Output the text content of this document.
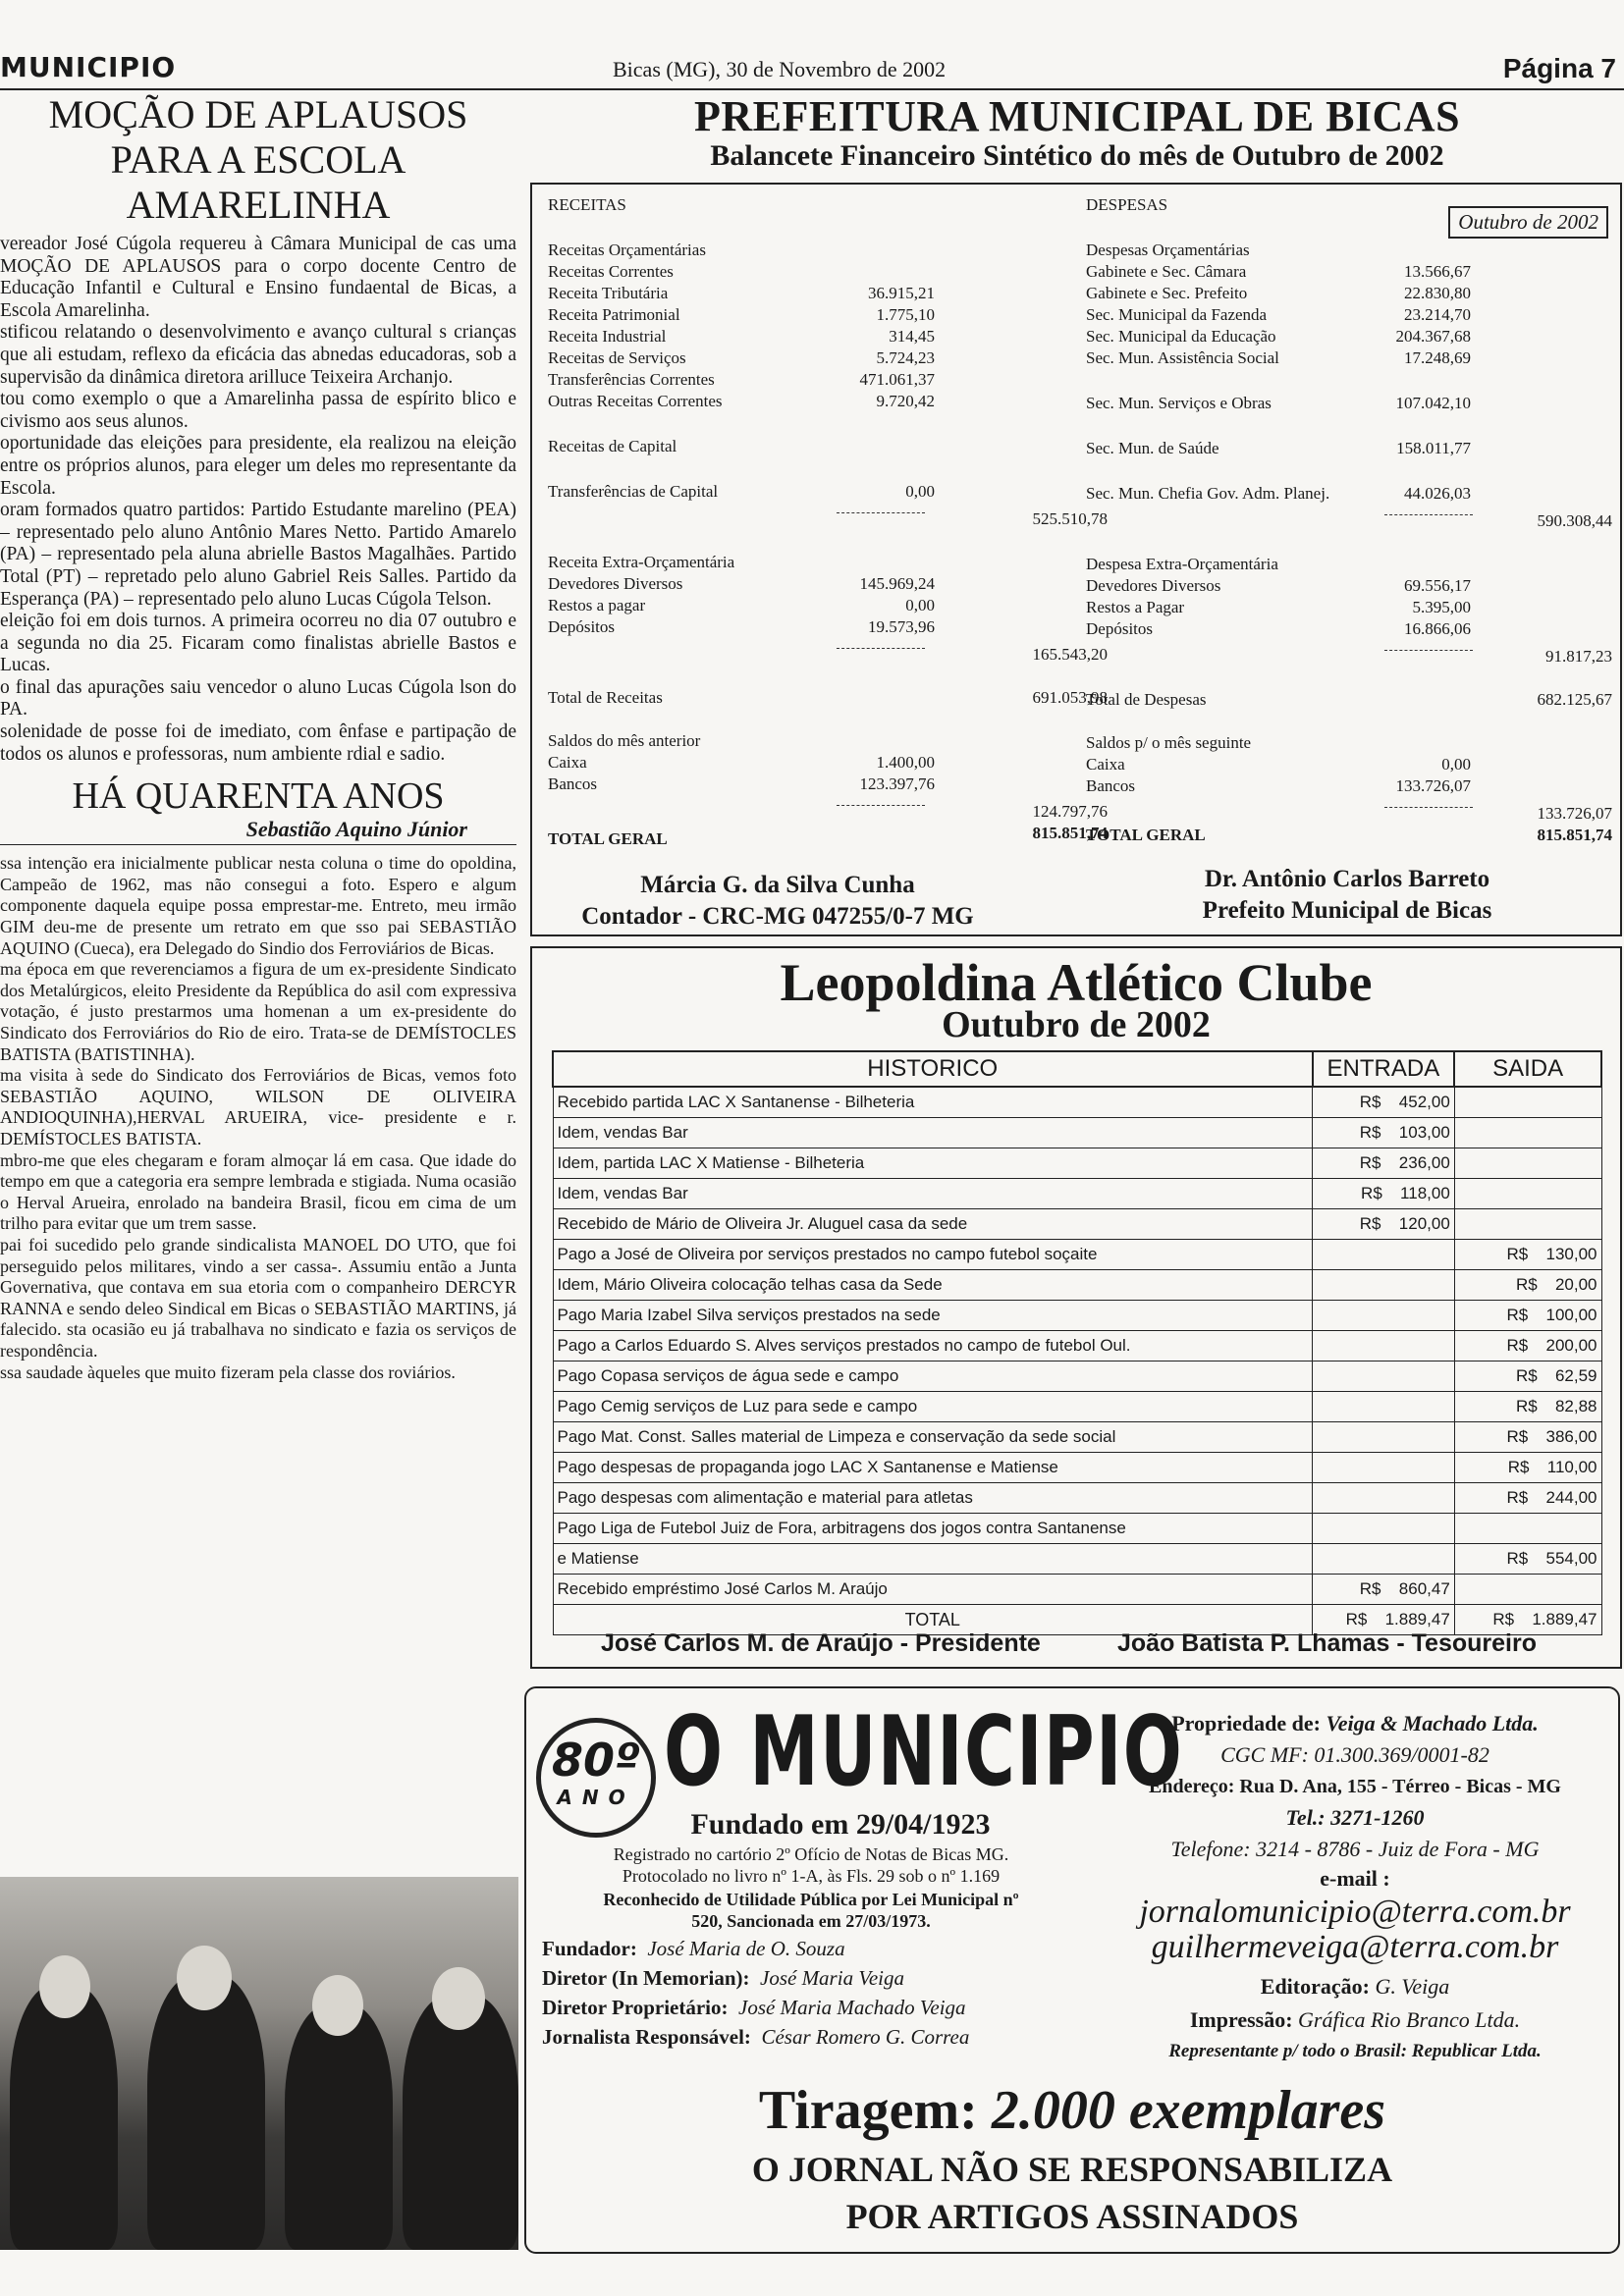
MUNICIPIO	Bicas (MG), 30 de Novembro de 2002	Página 7
MOÇÃO DE APLAUSOS PARA A ESCOLA AMARELINHA

vereador José Cúgola requereu à Câmara Municipal de cas uma MOÇÃO DE APLAUSOS para o corpo docente Centro de Educação Infantil e Cultural e Ensino fundaental de Bicas, a Escola Amarelinha.

stificou relatando o desenvolvimento e avanço cultural s crianças que ali estudam, reflexo da eficácia das abnedas educadoras, sob a supervisão da dinâmica diretora arilluce Teixeira Archanjo.

tou como exemplo o que a Amarelinha passa de espírito blico e civismo aos seus alunos.

oportunidade das eleições para presidente, ela realizou na eleição entre os próprios alunos, para eleger um deles mo representante da Escola.

oram formados quatro partidos: Partido Estudante marelino (PEA) – representado pelo aluno Antônio Mares Netto. Partido Amarelo (PA) – representado pela aluna abrielle Bastos Magalhães. Partido Total (PT) – repretado pelo aluno Gabriel Reis Salles. Partido da Esperança (PA) – representado pelo aluno Lucas Cúgola Telson.

eleição foi em dois turnos. A primeira ocorreu no dia 07 outubro e a segunda no dia 25. Ficaram como finalistas abrielle Bastos e Lucas.

o final das apurações saiu vencedor o aluno Lucas Cúgola lson do PA.

solenidade de posse foi de imediato, com ênfase e partipação de todos os alunos e professoras, num ambiente rdial e sadio.

HÁ QUARENTA ANOS
Sebastião Aquino Júnior

ssa intenção era inicialmente publicar nesta coluna o time do opoldina, Campeão de 1962, mas não consegui a foto. Espero e algum componente daquela equipe possa emprestar-me. Entreto, meu irmão GIM deu-me de presente um retrato em que sso pai SEBASTIÃO AQUINO (Cueca), era Delegado do Sindio dos Ferroviários de Bicas.

ma época em que reverenciamos a figura de um ex-presidente Sindicato dos Metalúrgicos, eleito Presidente da República do asil com expressiva votação, é justo prestarmos uma homenan a um ex-presidente do Sindicato dos Ferroviários do Rio de eiro. Trata-se de DEMÍSTOCLES BATISTA (BATISTINHA).

ma visita à sede do Sindicato dos Ferroviários de Bicas, vemos foto SEBASTIÃO AQUINO, WILSON DE OLIVEIRA ANDIOQUINHA),HERVAL ARUEIRA, vice- presidente e r. DEMÍSTOCLES BATISTA.

mbro-me que eles chegaram e foram almoçar lá em casa. Que idade do tempo em que a categoria era sempre lembrada e stigiada. Numa ocasião o Herval Arueira, enrolado na bandeira Brasil, ficou em cima de um trilho para evitar que um trem sasse.

pai foi sucedido pelo grande sindicalista MANOEL DO UTO, que foi perseguido pelos militares, vindo a ser cassa-. Assumiu então a Junta Governativa, que contava em sua etoria com o companheiro DERCYR RANNA e sendo deleo Sindical em Bicas o SEBASTIÃO MARTINS, já falecido. sta ocasião eu já trabalhava no sindicato e fazia os serviços de respondência.

ssa saudade àqueles que muito fizeram pela classe dos roviários.

PREFEITURA MUNICIPAL DE BICAS
Balancete Financeiro Sintético do mês de Outubro de 2002
Outubro de 2002
RECEITAS
Receitas Orçamentárias
Receitas Correntes
Receita Tributária	36.915,21
Receita Patrimonial	1.775,10
Receita Industrial	314,45
Receitas de Serviços	5.724,23
Transferências Correntes	471.061,37
Outras Receitas Correntes	9.720,42
Receitas de Capital
Transferências de Capital	0,00
525.510,78
Receita Extra-Orçamentária
Devedores Diversos	145.969,24
Restos a pagar	0,00
Depósitos	19.573,96
165.543,20
Total de Receitas	691.053,98
Saldos do mês anterior
Caixa	1.400,00
Bancos	123.397,76
124.797,76
TOTAL GERAL	815.851,74
DESPESAS
Despesas Orçamentárias
Gabinete e Sec. Câmara	13.566,67
Gabinete e Sec. Prefeito	22.830,80
Sec. Municipal da Fazenda	23.214,70
Sec. Municipal da Educação	204.367,68
Sec. Mun. Assistência Social	17.248,69
Sec. Mun. Serviços e Obras	107.042,10
Sec. Mun. de Saúde	158.011,77
Sec. Mun. Chefia Gov. Adm. Planej.	44.026,03
590.308,44
Despesa Extra-Orçamentária
Devedores Diversos	69.556,17
Restos a Pagar	5.395,00
Depósitos	16.866,06
91.817,23
Total de Despesas	682.125,67
Saldos p/ o mês seguinte
Caixa	0,00
Bancos	133.726,07
133.726,07
TOTAL GERAL	815.851,74
Márcia G. da Silva Cunha
Contador - CRC-MG 047255/0-7 MG
Dr. Antônio Carlos Barreto
Prefeito Municipal de Bicas
Leopoldina Atlético Clube
Outubro de 2002
HISTORICO	ENTRADA	SAIDA
Recebido partida LAC X Santanense - Bilheteria	R$ 452,00	
Idem, vendas Bar	R$ 103,00	
Idem, partida LAC X Matiense - Bilheteria	R$ 236,00	
Idem, vendas Bar	R$ 118,00	
Recebido de Mário de Oliveira Jr. Aluguel casa da sede	R$ 120,00	
Pago a José de Oliveira por serviços prestados no campo futebol soçaite		R$ 130,00
Idem, Mário Oliveira colocação telhas casa da Sede		R$ 20,00
Pago Maria Izabel Silva serviços prestados na sede		R$ 100,00
Pago a Carlos Eduardo S. Alves serviços prestados no campo de futebol Oul.		R$ 200,00
Pago Copasa serviços de água sede e campo		R$ 62,59
Pago Cemig serviços de Luz para sede e campo		R$ 82,88
Pago Mat. Const. Salles material de Limpeza e conservação da sede social		R$ 386,00
Pago despesas de propaganda jogo LAC X Santanense e Matiense		R$ 110,00
Pago despesas com alimentação e material para atletas		R$ 244,00
Pago Liga de Futebol Juiz de Fora, arbitragens dos jogos contra Santanense		
e Matiense		R$ 554,00
Recebido empréstimo José Carlos M. Araújo	R$ 860,47	
TOTAL	R$ 1.889,47	R$ 1.889,47
José Carlos M. de Araújo - Presidente	João Batista P. Lhamas - Tesoureiro
80º
ANO O MUNICIPIO
Fundado em 29/04/1923
Registrado no cartório 2º Ofício de Notas de Bicas MG.
Protocolado no livro nº 1-A, às Fls. 29 sob o nº 1.169
Reconhecido de Utilidade Pública por Lei Municipal nº
520, Sancionada em 27/03/1973.
Fundador: José Maria de O. Souza
Diretor (In Memorian): José Maria Veiga
Diretor Proprietário: José Maria Machado Veiga
Jornalista Responsável: César Romero G. Correa
Propriedade de: Veiga & Machado Ltda.
CGC MF: 01.300.369/0001-82
Endereço: Rua D. Ana, 155 - Térreo - Bicas - MG
Tel.: 3271-1260
Telefone: 3214 - 8786 - Juiz de Fora - MG
e-mail :
jornalomunicipio@terra.com.br
guilhermeveiga@terra.com.br
Editoração: G. Veiga
Impressão: Gráfica Rio Branco Ltda.
Representante p/ todo o Brasil: Republicar Ltda.
Tiragem: 2.000 exemplares
O JORNAL NÃO SE RESPONSABILIZA
POR ARTIGOS ASSINADOS
